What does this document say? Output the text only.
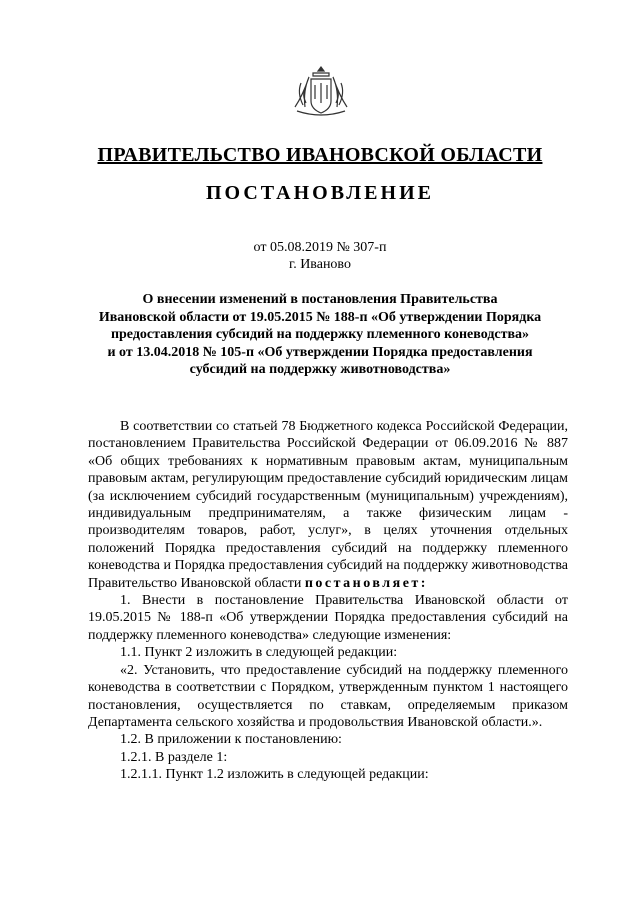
ПРАВИТЕЛЬСТВО ИВАНОВСКОЙ ОБЛАСТИ
ПОСТАНОВЛЕНИЕ
от 05.08.2019 № 307-п
г. Иваново
О внесении изменений в постановления Правительства
Ивановской области от 19.05.2015 № 188-п «Об утверждении Порядка
предоставления субсидий на поддержку племенного коневодства»
и от 13.04.2018 № 105-п «Об утверждении Порядка предоставления
субсидий на поддержку животноводства»

В соответствии со статьей 78 Бюджетного кодекса Российской Федерации, постановлением Правительства Российской Федерации от 06.09.2016 № 887 «Об общих требованиях к нормативным правовым актам, муниципальным правовым актам, регулирующим предоставление субсидий юридическим лицам (за исключением субсидий государственным (муниципальным) учреждениям), индивидуальным предпринимателям, а также физическим лицам - производителям товаров, работ, услуг», в целях уточнения отдельных положений Порядка предоставления субсидий на поддержку племенного коневодства и Порядка предоставления субсидий на поддержку животноводства Правительство Ивановской области постановляет:

1. Внести в постановление Правительства Ивановской области от 19.05.2015 № 188-п «Об утверждении Порядка предоставления субсидий на поддержку племенного коневодства» следующие изменения:

1.1. Пункт 2 изложить в следующей редакции:

«2. Установить, что предоставление субсидий на поддержку племенного коневодства в соответствии с Порядком, утвержденным пунктом 1 настоящего постановления, осуществляется по ставкам, определяемым приказом Департамента сельского хозяйства и продовольствия Ивановской области.».

1.2. В приложении к постановлению:

1.2.1. В разделе 1:

1.2.1.1. Пункт 1.2 изложить в следующей редакции:
